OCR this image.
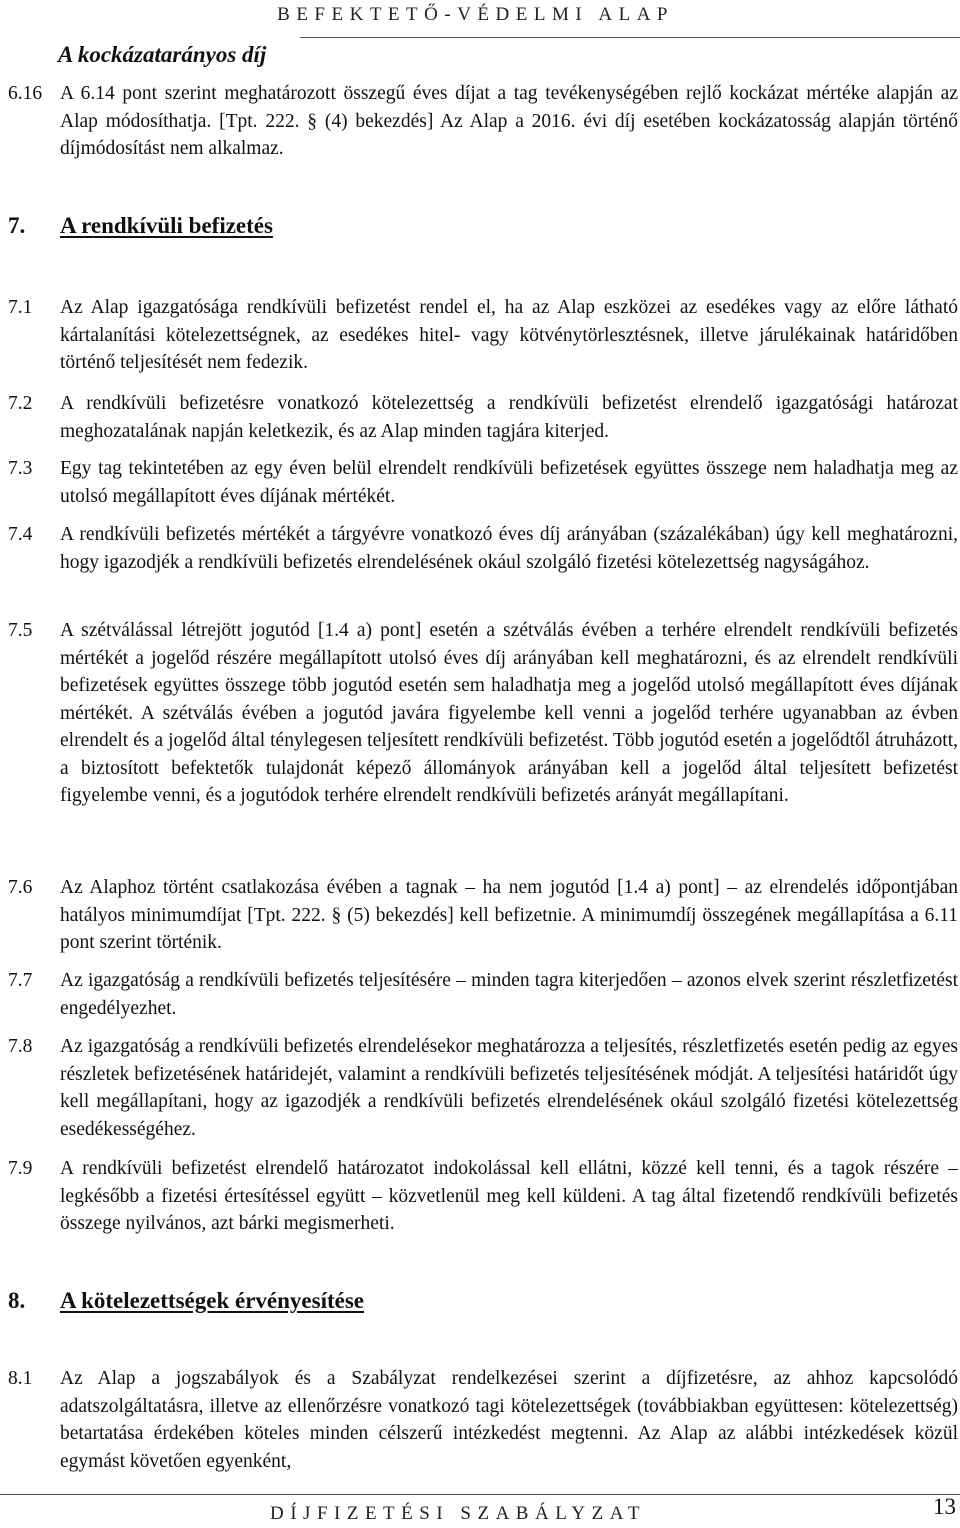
BEFEKTETŐ-VÉDELMI ALAP
A kockázatarányos díj
6.16 A 6.14 pont szerint meghatározott összegű éves díjat a tag tevékenységében rejlő kockázat mértéke alapján az Alap módosíthatja. [Tpt. 222. § (4) bekezdés] Az Alap a 2016. évi díj esetében kockázatosság alapján történő díjmódosítást nem alkalmaz.
7. A rendkívüli befizetés
7.1	Az Alap igazgatósága rendkívüli befizetést rendel el, ha az Alap eszközei az esedékes vagy az előre látható kártalanítási kötelezettségnek, az esedékes hitel- vagy kötvénytörlesztésnek, illetve járulékainak határidőben történő teljesítését nem fedezik.
7.2	A rendkívüli befizetésre vonatkozó kötelezettség a rendkívüli befizetést elrendelő igazgatósági határozat meghozatalának napján keletkezik, és az Alap minden tagjára kiterjed.
7.3	Egy tag tekintetében az egy éven belül elrendelt rendkívüli befizetések együttes összege nem haladhatja meg az utolsó megállapított éves díjának mértékét.
7.4	A rendkívüli befizetés mértékét a tárgyévre vonatkozó éves díj arányában (százalékában) úgy kell meghatározni, hogy igazodjék a rendkívüli befizetés elrendelésének okául szolgáló fizetési kötelezettség nagyságához.
7.5	A szétválással létrejött jogutód [1.4 a) pont] esetén a szétválás évében a terhére elrendelt rendkívüli befizetés mértékét a jogelőd részére megállapított utolsó éves díj arányában kell meghatározni, és az elrendelt rendkívüli befizetések együttes összege több jogutód esetén sem haladhatja meg a jogelőd utolsó megállapított éves díjának mértékét. A szétválás évében a jogutód javára figyelembe kell venni a jogelőd terhére ugyanabban az évben elrendelt és a jogelőd által ténylegesen teljesített rendkívüli befizetést. Több jogutód esetén a jogelődtől átruházott, a biztosított befektetők tulajdonát képező állományok arányában kell a jogelőd által teljesített befizetést figyelembe venni, és a jogutódok terhére elrendelt rendkívüli befizetés arányát megállapítani.
7.6	Az Alaphoz történt csatlakozása évében a tagnak – ha nem jogutód [1.4 a) pont] – az elrendelés időpontjában hatályos minimumdíjat [Tpt. 222. § (5) bekezdés] kell befizetnie. A minimumdíj összegének megállapítása a 6.11 pont szerint történik.
7.7	Az igazgatóság a rendkívüli befizetés teljesítésére – minden tagra kiterjedően – azonos elvek szerint részletfizetést engedélyezhet.
7.8	Az igazgatóság a rendkívüli befizetés elrendelésekor meghatározza a teljesítés, részletfizetés esetén pedig az egyes részletek befizetésének határidejét, valamint a rendkívüli befizetés teljesítésének módját. A teljesítési határidőt úgy kell megállapítani, hogy az igazodjék a rendkívüli befizetés elrendelésének okául szolgáló fizetési kötelezettség esedékességéhez.
7.9	A rendkívüli befizetést elrendelő határozatot indokolással kell ellátni, közzé kell tenni, és a tagok részére – legkésőbb a fizetési értesítéssel együtt – közvetlenül meg kell küldeni. A tag által fizetendő rendkívüli befizetés összege nyilvános, azt bárki megismerheti.
8. A kötelezettségek érvényesítése
8.1	Az Alap a jogszabályok és a Szabályzat rendelkezései szerint a díjfizetésre, az ahhoz kapcsolódó adatszolgáltatásra, illetve az ellenőrzésre vonatkozó tagi kötelezettségek (továbbiakban együttesen: kötelezettség) betartatása érdekében köteles minden célszerű intézkedést megtenni. Az Alap az alábbi intézkedések közül egymást követően egyenként,
DÍJFIZETÉSI SZABÁLYZAT	13
